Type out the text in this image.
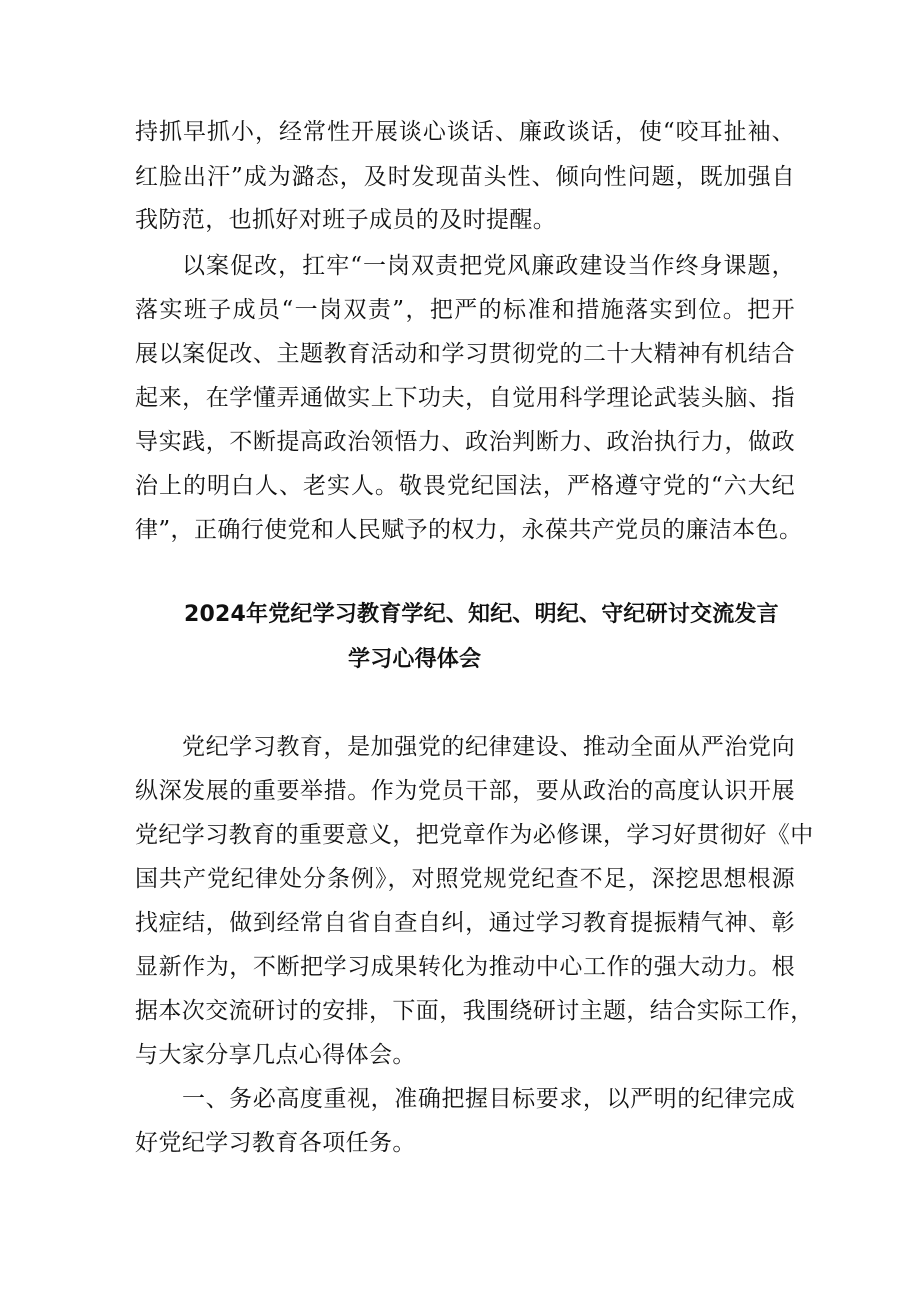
持抓早抓小，经常性开展谈心谈话、廉政谈话，使“咬耳扯袖、
红脸出汗”成为潞态，及时发现苗头性、倾向性问题，既加强自
我防范，也抓好对班子成员的及时提醒。
以案促改，扛牢“一岗双责把党风廉政建设当作终身课题，
落实班子成员“一岗双责”，把严的标准和措施落实到位。把开
展以案促改、主题教育活动和学习贯彻党的二十大精神有机结合
起来，在学懂弄通做实上下功夫，自觉用科学理论武装头脑、指
导实践，不断提高政治领悟力、政治判断力、政治执行力，做政
治上的明白人、老实人。敬畏党纪国法，严格遵守党的“六大纪
律”，正确行使党和人民赋予的权力，永葆共产党员的廉洁本色。
2024年党纪学习教育学纪、知纪、明纪、守纪研讨交流发言
学习心得体会
党纪学习教育，是加强党的纪律建设、推动全面从严治党向
纵深发展的重要举措。作为党员干部，要从政治的高度认识开展
党纪学习教育的重要意义，把党章作为必修课，学习好贯彻好《中
国共产党纪律处分条例》，对照党规党纪查不足，深挖思想根源
找症结，做到经常自省自查自纠，通过学习教育提振精气神、彰
显新作为，不断把学习成果转化为推动中心工作的强大动力。根
据本次交流研讨的安排，下面，我围绕研讨主题，结合实际工作，
与大家分享几点心得体会。
一、务必高度重视，准确把握目标要求，以严明的纪律完成
好党纪学习教育各项任务。
